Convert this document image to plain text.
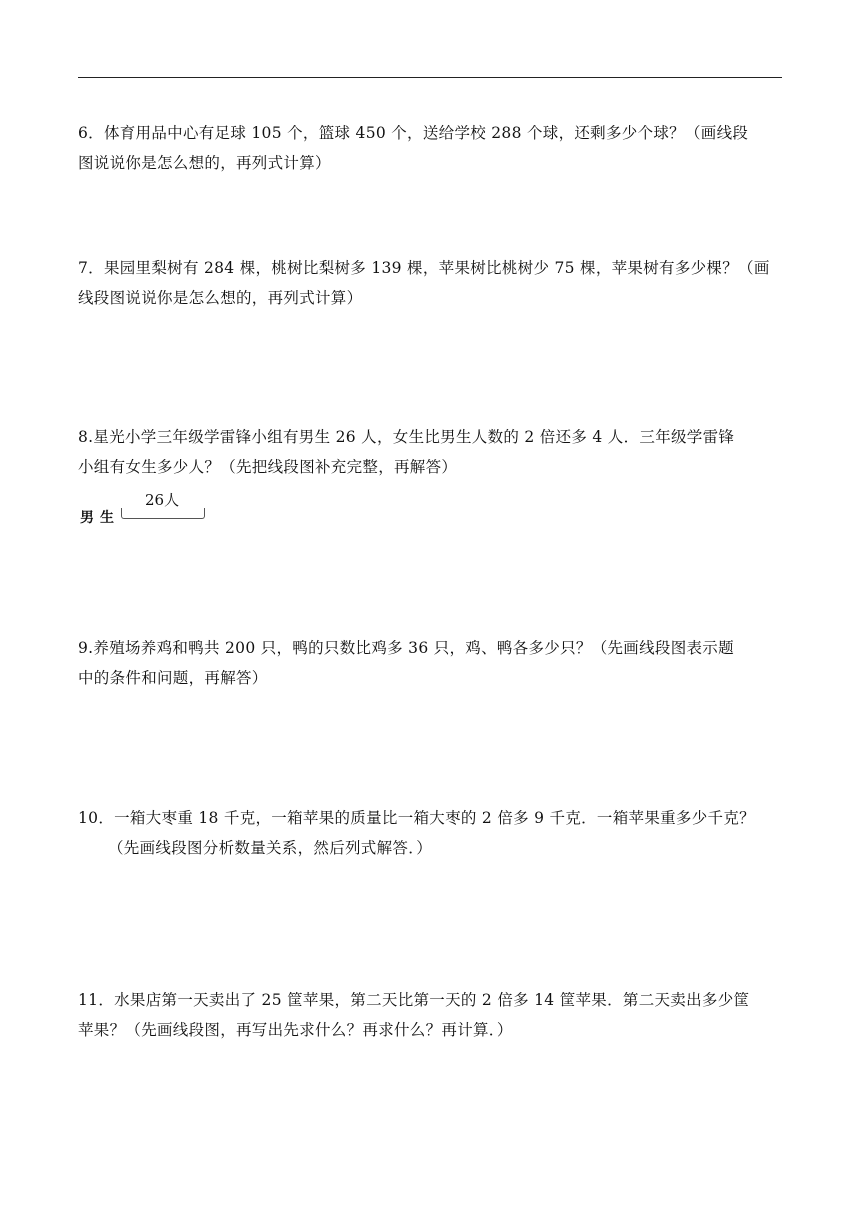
6．体育用品中心有足球 105 个，篮球 450 个，送给学校 288 个球，还剩多少个球？（画线段

图说说你是怎么想的，再列式计算）

7．果园里梨树有 284 棵，桃树比梨树多 139 棵，苹果树比桃树少 75 棵，苹果树有多少棵？（画

线段图说说你是怎么想的，再列式计算）

8.星光小学三年级学雷锋小组有男生 26 人，女生比男生人数的 2 倍还多 4 人．三年级学雷锋

小组有女生多少人？（先把线段图补充完整，再解答）

男生
26人

9.养殖场养鸡和鸭共 200 只，鸭的只数比鸡多 36 只，鸡、鸭各多少只？（先画线段图表示题

中的条件和问题，再解答）

10．一箱大枣重 18 千克，一箱苹果的质量比一箱大枣的 2 倍多 9 千克．一箱苹果重多少千克？

（先画线段图分析数量关系，然后列式解答．）

11．水果店第一天卖出了 25 筐苹果，第二天比第一天的 2 倍多 14 筐苹果．第二天卖出多少筐

苹果？（先画线段图，再写出先求什么？再求什么？再计算．）
